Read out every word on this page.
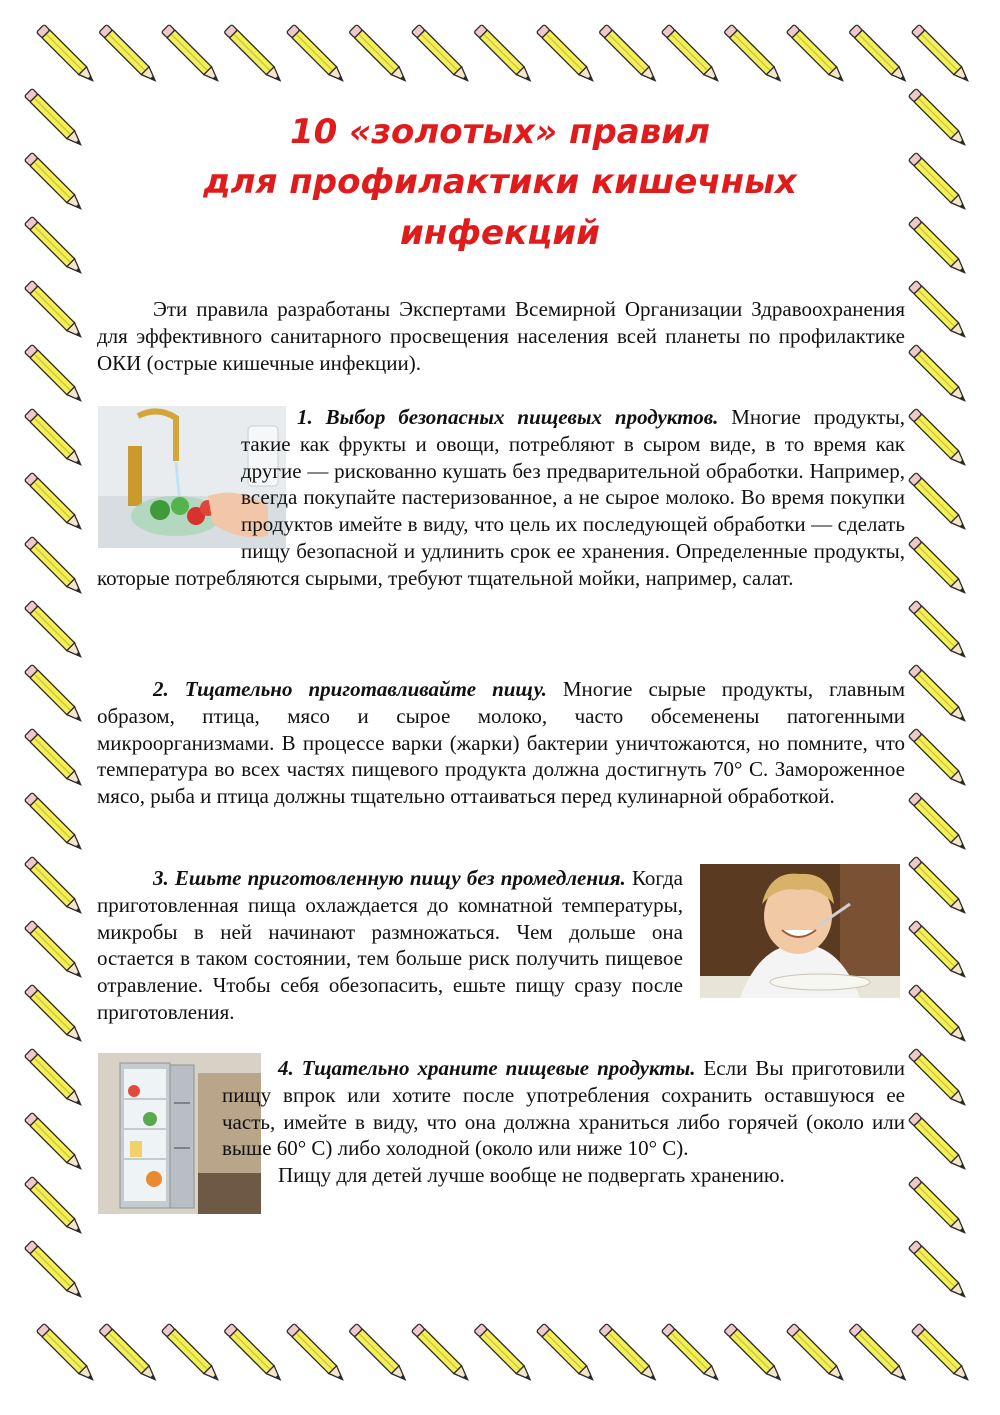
10 «золотых» правил
для профилактики кишечных
инфекций

Эти правила разработаны Экспертами Всемирной Организации Здравоохранения для эффективного санитарного просвещения населения всей планеты по профилактике ОКИ (острые кишечные инфекции).

1. Выбор безопасных пищевых продуктов. Многие продукты, такие как фрукты и овощи, потребляют в сыром виде, в то время как другие — рискованно кушать без предварительной обработки. Например, всегда покупайте пастеризованное, а не сырое молоко. Во время покупки продуктов имейте в виду, что цель их последующей обработки — сделать пищу безопасной и удлинить срок ее хранения. Определенные продукты, которые потребляются сырыми, требуют тщательной мойки, например, салат.

2. Тщательно приготавливайте пищу. Многие сырые продукты, главным образом, птица, мясо и сырое молоко, часто обсеменены патогенными микроорганизмами. В процессе варки (жарки) бактерии уничтожаются, но помните, что температура во всех частях пищевого продукта должна достигнуть 70° С. Замороженное мясо, рыба и птица должны тщательно оттаиваться перед кулинарной обработкой.

3. Ешьте приготовленную пищу без промедления. Когда приготовленная пища охлаждается до комнатной температуры, микробы в ней начинают размножаться. Чем дольше она остается в таком состоянии, тем больше риск получить пищевое отравление. Чтобы себя обезопасить, ешьте пищу сразу после приготовления.

4. Тщательно храните пищевые продукты. Если Вы приготовили пищу впрок или хотите после употребления сохранить оставшуюся ее часть, имейте в виду, что она должна храниться либо горячей (около или выше 60° С) либо холодной (около или ниже 10° С).
Пищу для детей лучше вообще не подвергать хранению.
